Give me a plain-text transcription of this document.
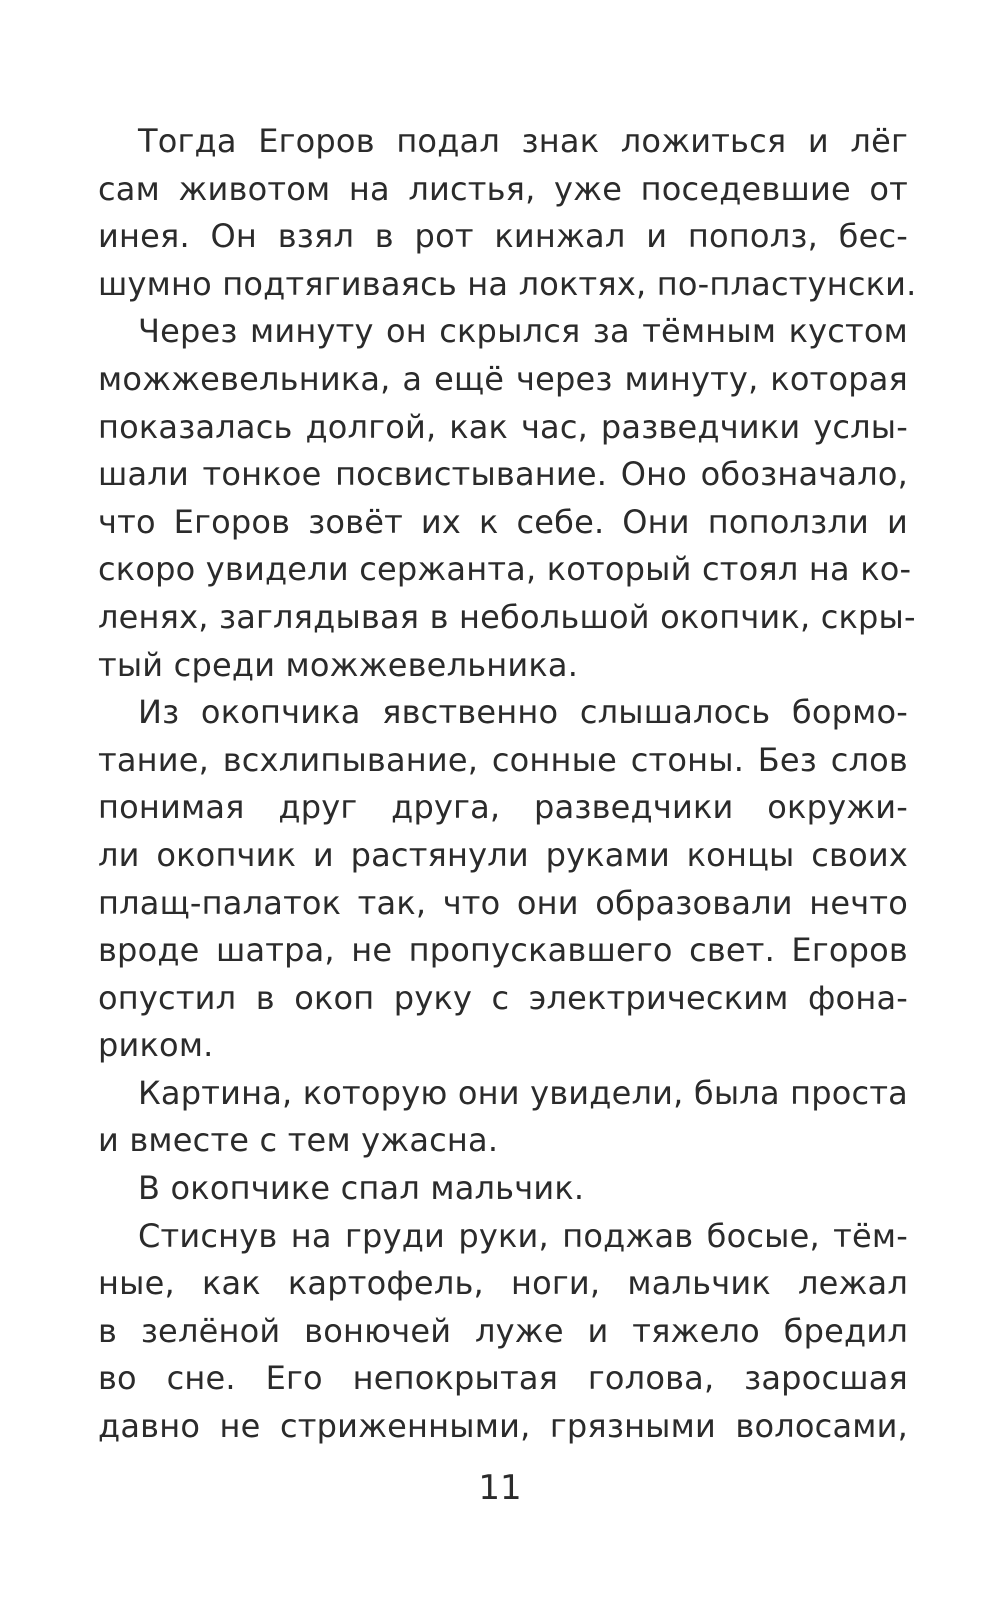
Тогда Егоров подал знак ложиться и лёг
сам животом на листья, уже поседевшие от
инея. Он взял в рот кинжал и пополз, бес-
шумно подтягиваясь на локтях, по-пластунски.
Через минуту он скрылся за тёмным кустом
можжевельника, а ещё через минуту, которая
показалась долгой, как час, разведчики услы-
шали тонкое посвистывание. Оно обозначало,
что Егоров зовёт их к себе. Они поползли и
скоро увидели сержанта, который стоял на ко-
ленях, заглядывая в небольшой окопчик, скры-
тый среди можжевельника.
Из окопчика явственно слышалось бормо-
тание, всхлипывание, сонные стоны. Без слов
понимая друг друга, разведчики окружи-
ли окопчик и растянули руками концы своих
плащ-палаток так, что они образовали нечто
вроде шатра, не пропускавшего свет. Егоров
опустил в окоп руку с электрическим фона-
риком.
Картина, которую они увидели, была проста
и вместе с тем ужасна.
В окопчике спал мальчик.
Стиснув на груди руки, поджав босые, тём-
ные, как картофель, ноги, мальчик лежал
в зелёной вонючей луже и тяжело бредил
во сне. Его непокрытая голова, заросшая
давно не стриженными, грязными волосами,
11
